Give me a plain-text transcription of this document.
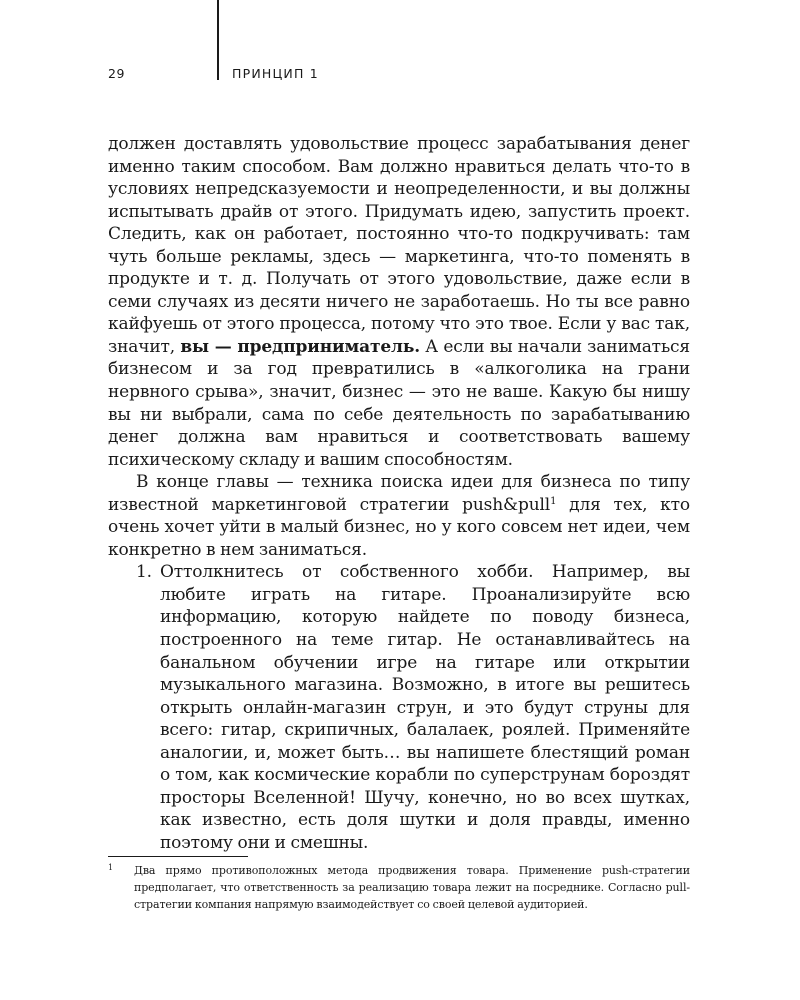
29	ПРИНЦИП 1

должен доставлять удовольствие процесс зарабатывания денег именно таким способом. Вам должно нравиться делать что-то в условиях непредсказуемости и неопределенности, и вы должны испытывать драйв от этого. Придумать идею, запустить проект. Следить, как он работает, постоянно что-то подкручивать: там чуть больше рекламы, здесь — маркетинга, что-то поменять в продукте и т. д. Получать от этого удовольствие, даже если в семи случаях из десяти ничего не заработаешь. Но ты все равно кайфуешь от этого процесса, потому что это твое. Если у вас так, значит, вы — предприниматель. А если вы начали заниматься бизнесом и за год превратились в «алкоголика на грани нервного срыва», значит, бизнес — это не ваше. Какую бы нишу вы ни выбрали, сама по себе деятельность по зарабатыванию денег должна вам нравиться и соответствовать вашему психическому складу и вашим способностям.

В конце главы — техника поиска идеи для бизнеса по типу известной маркетинговой стратегии push&pull$^1$ для тех, кто очень хочет уйти в малый бизнес, но у кого совсем нет идеи, чем конкретно в нем заниматься.

1. Оттолкнитесь от собственного хобби. Например, вы любите играть на гитаре. Проанализируйте всю информацию, которую найдете по поводу бизнеса, построенного на теме гитар. Не останавливайтесь на банальном обучении игре на гитаре или открытии музыкального магазина. Возможно, в итоге вы решитесь открыть онлайн-магазин струн, и это будут струны для всего: гитар, скрипичных, балалаек, роялей. Применяйте аналогии, и, может быть… вы напишете блестящий роман о том, как космические корабли по суперструнам бороздят просторы Вселенной! Шучу, конечно, но во всех шутках, как известно, есть доля шутки и доля правды, именно поэтому они и смешны.
1	Два прямо противоположных метода продвижения товара. Применение push-стратегии предполагает, что ответственность за реализацию товара лежит на посреднике. Согласно pull-стратегии компания напрямую взаимодействует со своей целевой аудиторией.
